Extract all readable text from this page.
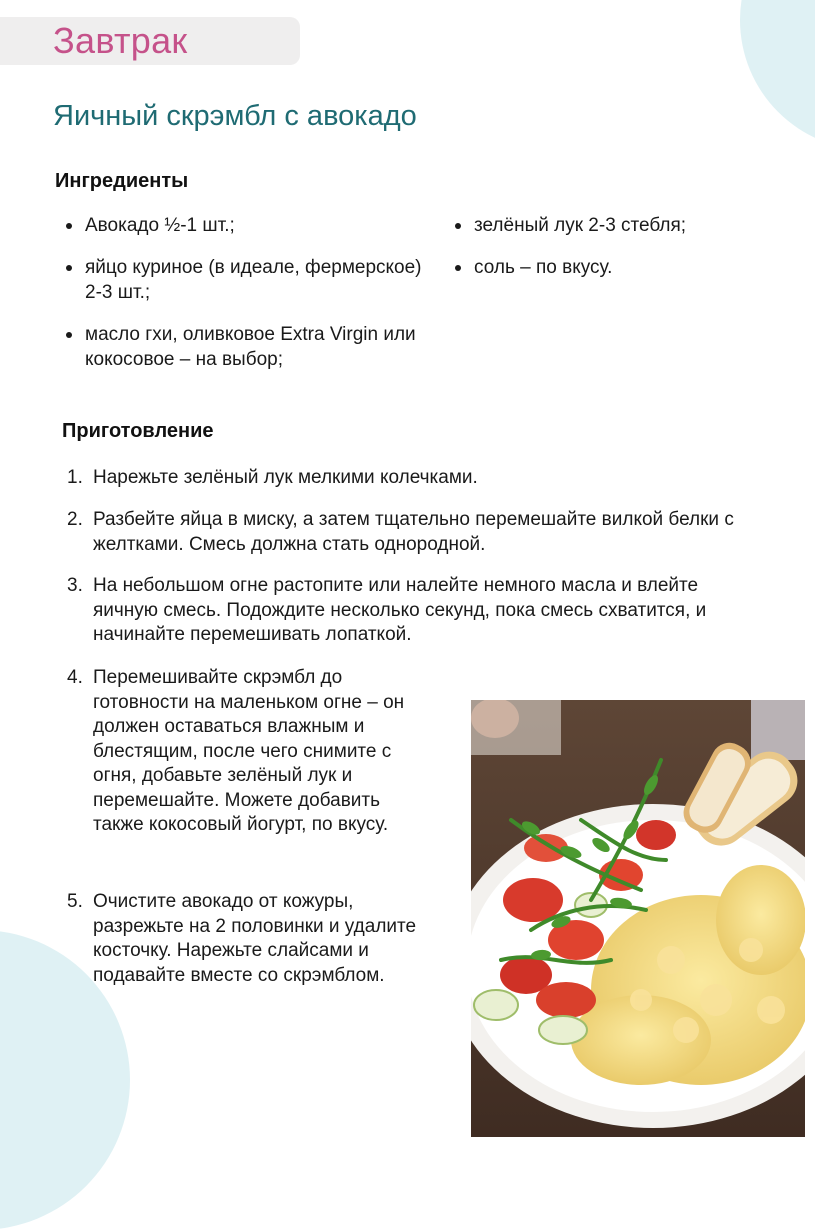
Завтрак
Яичный скрэмбл с авокадо
Ингредиенты
Авокадо ½-1 шт.;
яйцо куриное (в идеале, фермерское) 2-3 шт.;
масло гхи, оливковое Extra Virgin или кокосовое – на выбор;
зелёный лук 2-3 стебля;
соль – по вкусу.
Приготовление
1. Нарежьте зелёный лук мелкими колечками.
2. Разбейте яйца в миску, а затем тщательно перемешайте вилкой белки с желтками. Смесь должна стать однородной.
3. На небольшом огне растопите или налейте немного масла и влейте яичную смесь. Подождите несколько секунд, пока смесь схватится, и начинайте перемешивать лопаткой.
4. Перемешивайте скрэмбл до готовности на маленьком огне – он должен оставаться влажным и блестящим, после чего снимите с огня, добавьте зелёный лук и перемешайте. Можете добавить также кокосовый йогурт, по вкусу.
5. Очистите авокадо от кожуры, разрежьте на 2 половинки и удалите косточку. Нарежьте слайсами и подавайте вместе со скрэмблом.
